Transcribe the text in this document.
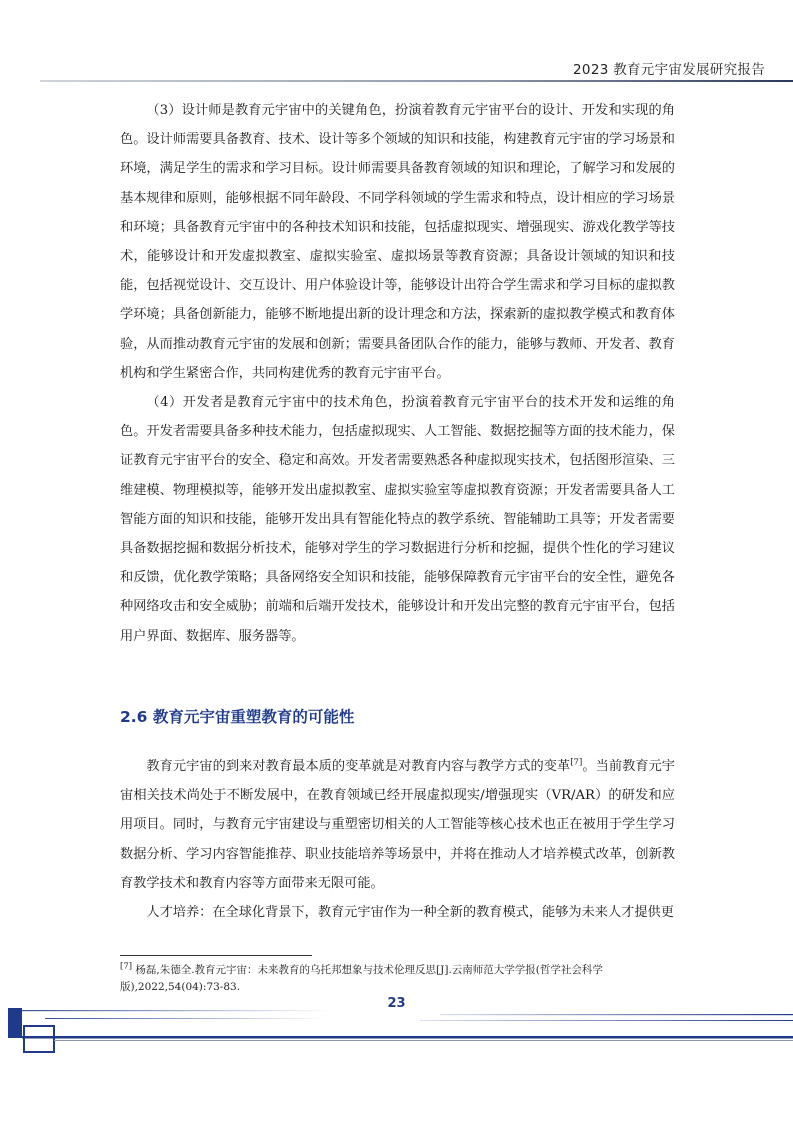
2023 教育元宇宙发展研究报告

（3）设计师是教育元宇宙中的关键角色，扮演着教育元宇宙平台的设计、开发和实现的角色。设计师需要具备教育、技术、设计等多个领域的知识和技能，构建教育元宇宙的学习场景和环境，满足学生的需求和学习目标。设计师需要具备教育领域的知识和理论，了解学习和发展的基本规律和原则，能够根据不同年龄段、不同学科领域的学生需求和特点，设计相应的学习场景和环境；具备教育元宇宙中的各种技术知识和技能，包括虚拟现实、增强现实、游戏化教学等技术，能够设计和开发虚拟教室、虚拟实验室、虚拟场景等教育资源；具备设计领域的知识和技能，包括视觉设计、交互设计、用户体验设计等，能够设计出符合学生需求和学习目标的虚拟教学环境；具备创新能力，能够不断地提出新的设计理念和方法，探索新的虚拟教学模式和教育体验，从而推动教育元宇宙的发展和创新；需要具备团队合作的能力，能够与教师、开发者、教育机构和学生紧密合作，共同构建优秀的教育元宇宙平台。

（4）开发者是教育元宇宙中的技术角色，扮演着教育元宇宙平台的技术开发和运维的角色。开发者需要具备多种技术能力，包括虚拟现实、人工智能、数据挖掘等方面的技术能力，保证教育元宇宙平台的安全、稳定和高效。开发者需要熟悉各种虚拟现实技术，包括图形渲染、三维建模、物理模拟等，能够开发出虚拟教室、虚拟实验室等虚拟教育资源；开发者需要具备人工智能方面的知识和技能，能够开发出具有智能化特点的教学系统、智能辅助工具等；开发者需要具备数据挖掘和数据分析技术，能够对学生的学习数据进行分析和挖掘，提供个性化的学习建议和反馈，优化教学策略；具备网络安全知识和技能，能够保障教育元宇宙平台的安全性，避免各种网络攻击和安全威胁；前端和后端开发技术，能够设计和开发出完整的教育元宇宙平台，包括用户界面、数据库、服务器等。

2.6 教育元宇宙重塑教育的可能性

教育元宇宙的到来对教育最本质的变革就是对教育内容与教学方式的变革[7]。当前教育元宇宙相关技术尚处于不断发展中，在教育领域已经开展虚拟现实/增强现实（VR/AR）的研发和应用项目。同时，与教育元宇宙建设与重塑密切相关的人工智能等核心技术也正在被用于学生学习数据分析、学习内容智能推荐、职业技能培养等场景中，并将在推动人才培养模式改革，创新教育教学技术和教育内容等方面带来无限可能。

人才培养：在全球化背景下，教育元宇宙作为一种全新的教育模式，能够为未来人才提供更

[7] 杨磊,朱德全.教育元宇宙：未来教育的乌托邦想象与技术伦理反思[J].云南师范大学学报(哲学社会科学版),2022,54(04):73-83.
23
